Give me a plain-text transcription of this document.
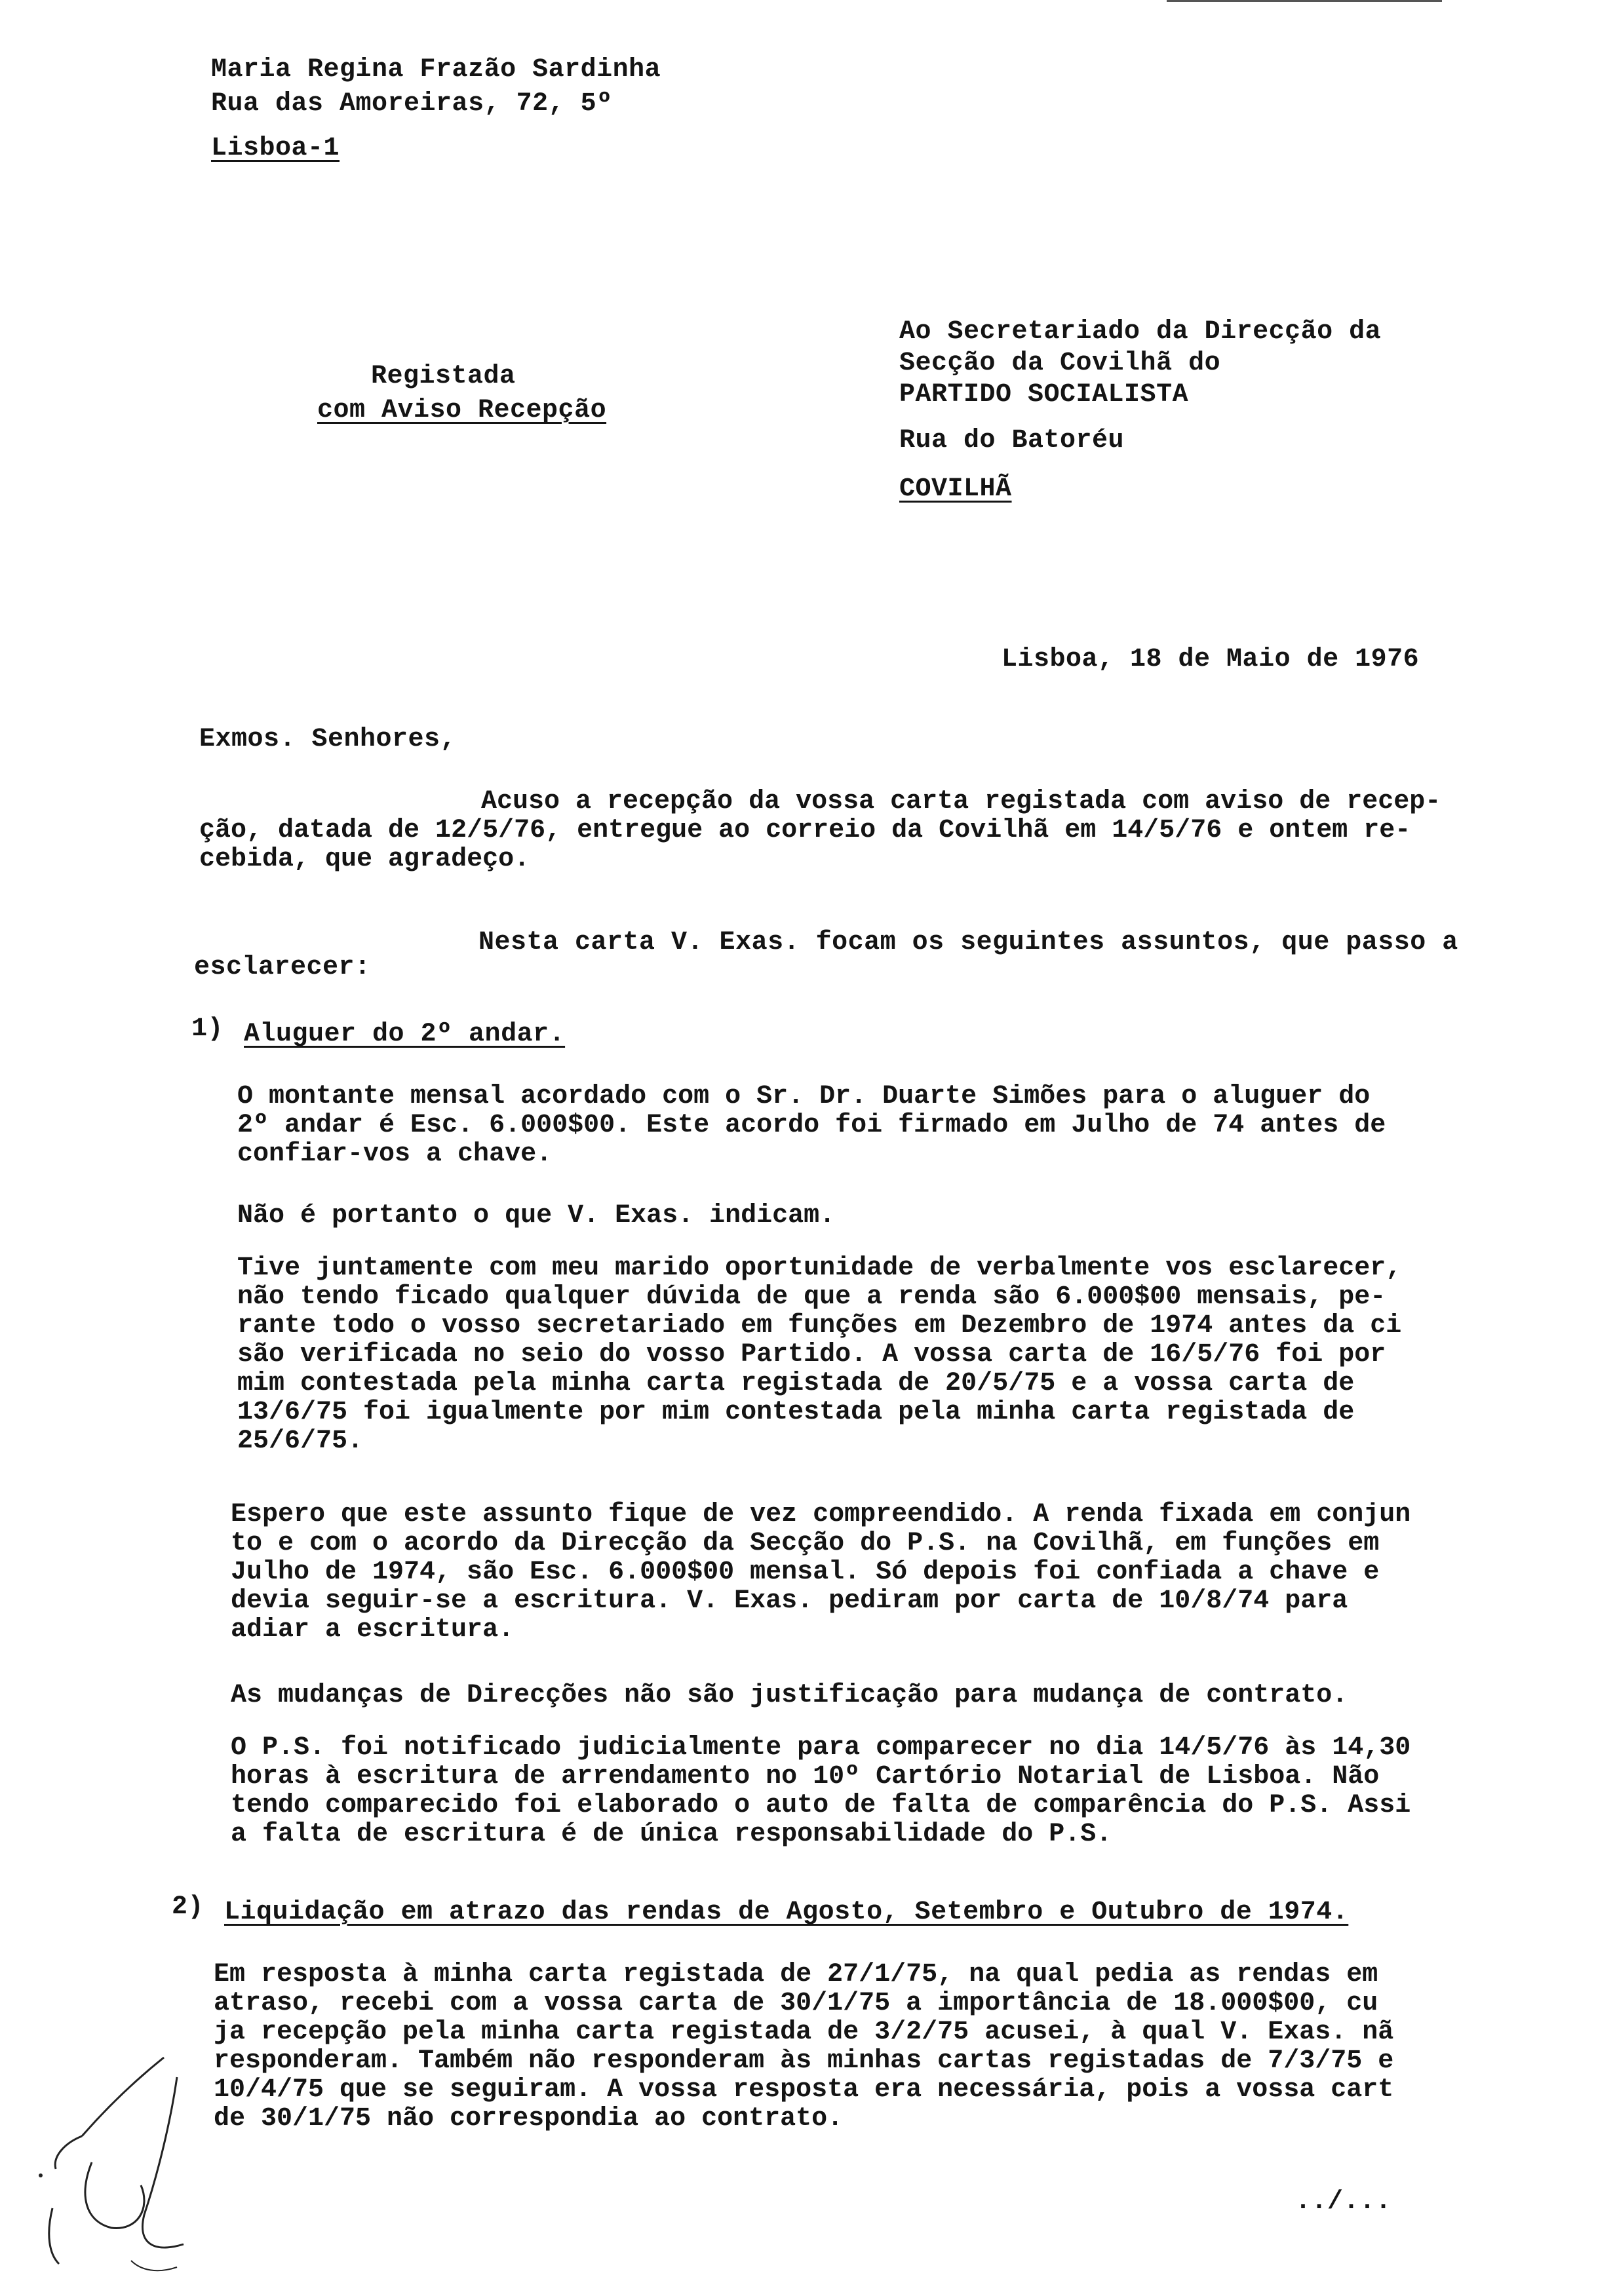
Maria Regina Frazão Sardinha
Rua das Amoreiras, 72, 5º
Lisboa-1
Registada
com Aviso Recepção
Ao Secretariado da Direcção da
Secção da Covilhã do
PARTIDO SOCIALISTA
Rua do Batoréu
COVILHÃ
Lisboa, 18 de Maio de 1976
Exmos. Senhores,
Acuso a recepção da vossa carta registada com aviso de recep-
ção, datada de 12/5/76, entregue ao correio da Covilhã em 14/5/76 e ontem re-
cebida, que agradeço.
Nesta carta V. Exas. focam os seguintes assuntos, que passo a
esclarecer:
1) Aluguer do 2º andar.
O montante mensal acordado com o Sr. Dr. Duarte Simões para o aluguer do
2º andar é Esc. 6.000$00. Este acordo foi firmado em Julho de 74 antes de
confiar-vos a chave.
Não é portanto o que V. Exas. indicam.
Tive juntamente com meu marido oportunidade de verbalmente vos esclarecer,
não tendo ficado qualquer dúvida de que a renda são 6.000$00 mensais, pe-
rante todo o vosso secretariado em funções em Dezembro de 1974 antes da ci
são verificada no seio do vosso Partido. A vossa carta de 16/5/76 foi por
mim contestada pela minha carta registada de 20/5/75 e a vossa carta de
13/6/75 foi igualmente por mim contestada pela minha carta registada de
25/6/75.
Espero que este assunto fique de vez compreendido. A renda fixada em conjun
to e com o acordo da Direcção da Secção do P.S. na Covilhã, em funções em
Julho de 1974, são Esc. 6.000$00 mensal. Só depois foi confiada a chave e
devia seguir-se a escritura. V. Exas. pediram por carta de 10/8/74 para
adiar a escritura.
As mudanças de Direcções não são justificação para mudança de contrato.
O P.S. foi notificado judicialmente para comparecer no dia 14/5/76 às 14,30
horas à escritura de arrendamento no 10º Cartório Notarial de Lisboa. Não
tendo comparecido foi elaborado o auto de falta de comparência do P.S. Assi
a falta de escritura é de única responsabilidade do P.S.
2) Liquidação em atrazo das rendas de Agosto, Setembro e Outubro de 1974.
Em resposta à minha carta registada de 27/1/75, na qual pedia as rendas em
atraso, recebi com a vossa carta de 30/1/75 a importância de 18.000$00, cu
ja recepção pela minha carta registada de 3/2/75 acusei, à qual V. Exas. nã
responderam. Também não responderam às minhas cartas registadas de 7/3/75 e
10/4/75 que se seguiram. A vossa resposta era necessária, pois a vossa cart
de 30/1/75 não correspondia ao contrato.
../...
